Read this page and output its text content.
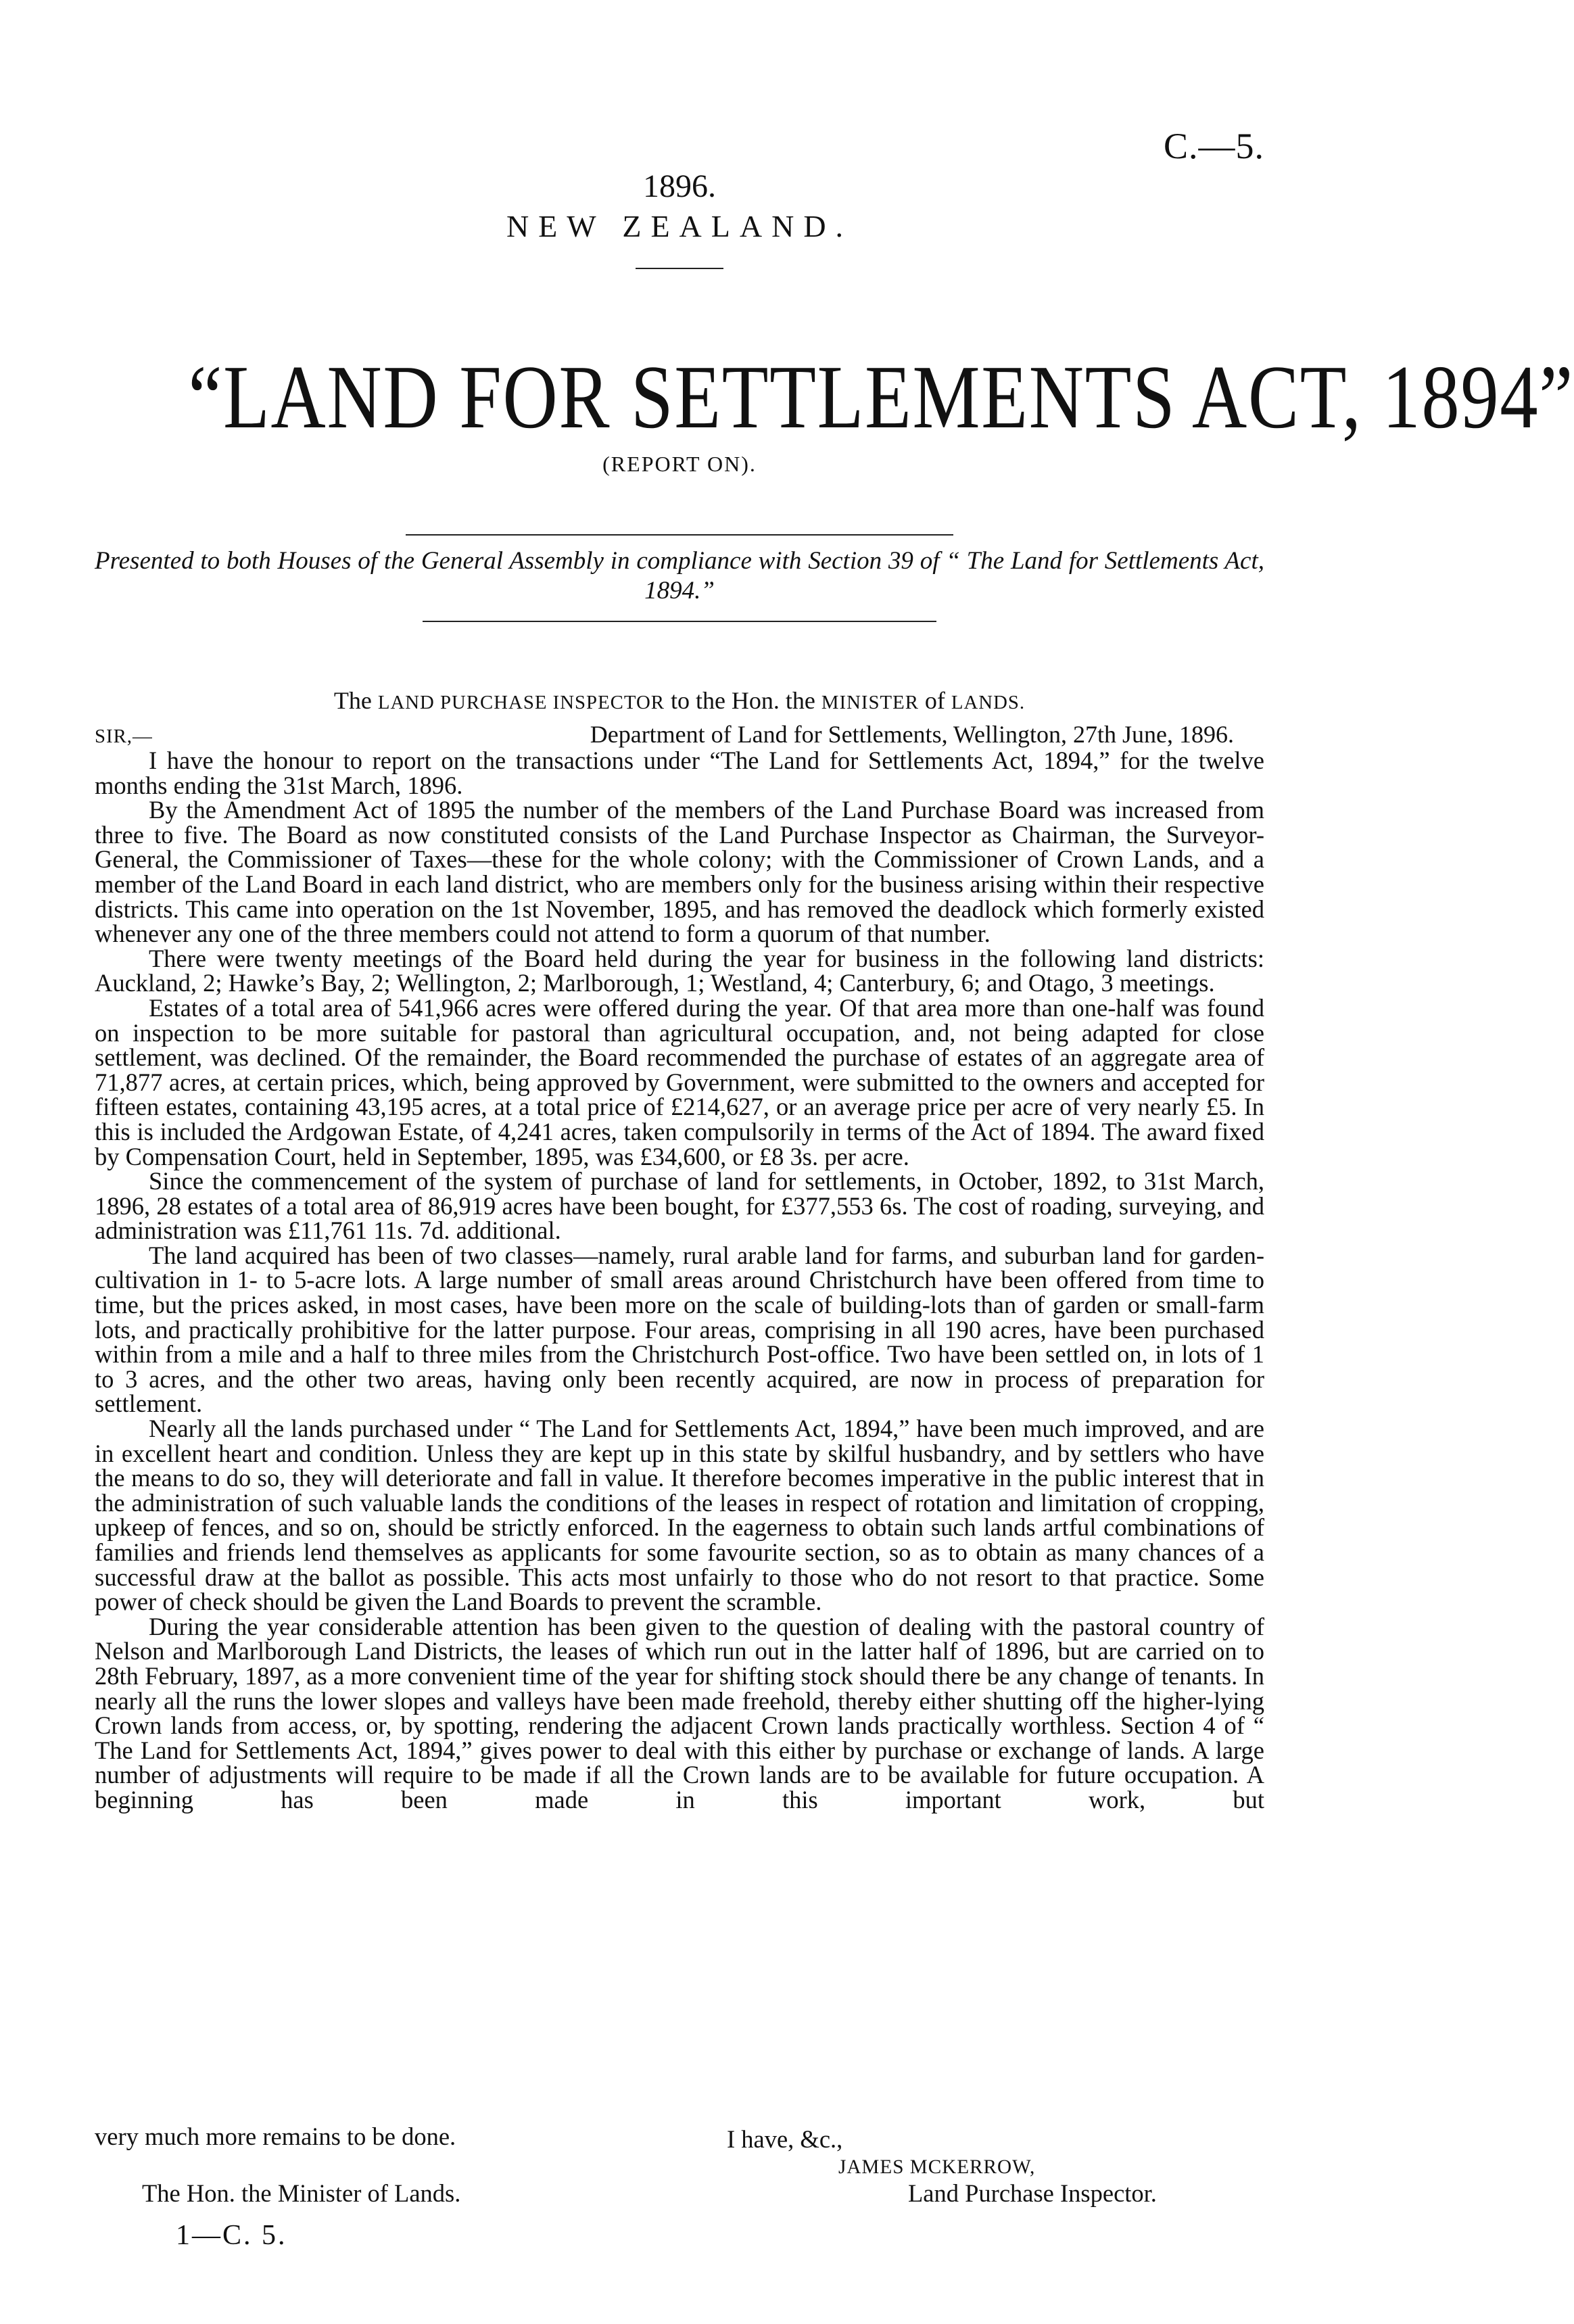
C.—5.
1896.
NEW ZEALAND.
“LAND FOR SETTLEMENTS ACT, 1894”
(REPORT ON).
Presented to both Houses of the General Assembly in compliance with Section 39 of “ The Land for Settlements Act, 1894.”
The LAND PURCHASE INSPECTOR to the Hon. the MINISTER of LANDS.
SIR,—	Department of Land for Settlements, Wellington, 27th June, 1896.

I have the honour to report on the transactions under “The Land for Settlements Act, 1894,” for the twelve months ending the 31st March, 1896.

By the Amendment Act of 1895 the number of the members of the Land Purchase Board was increased from three to five. The Board as now constituted consists of the Land Purchase Inspector as Chairman, the Surveyor-General, the Commissioner of Taxes—these for the whole colony; with the Commissioner of Crown Lands, and a member of the Land Board in each land district, who are members only for the business arising within their respective districts. This came into operation on the 1st November, 1895, and has removed the deadlock which formerly existed whenever any one of the three members could not attend to form a quorum of that number.

There were twenty meetings of the Board held during the year for business in the following land districts: Auckland, 2; Hawke’s Bay, 2; Wellington, 2; Marlborough, 1; Westland, 4; Canterbury, 6; and Otago, 3 meetings.

Estates of a total area of 541,966 acres were offered during the year. Of that area more than one-half was found on inspection to be more suitable for pastoral than agricultural occupation, and, not being adapted for close settlement, was declined. Of the remainder, the Board recommended the purchase of estates of an aggregate area of 71,877 acres, at certain prices, which, being approved by Government, were submitted to the owners and accepted for fifteen estates, containing 43,195 acres, at a total price of £214,627, or an average price per acre of very nearly £5. In this is included the Ardgowan Estate, of 4,241 acres, taken compulsorily in terms of the Act of 1894. The award fixed by Compensation Court, held in September, 1895, was £34,600, or £8 3s. per acre.

Since the commencement of the system of purchase of land for settlements, in October, 1892, to 31st March, 1896, 28 estates of a total area of 86,919 acres have been bought, for £377,553 6s. The cost of roading, surveying, and administration was £11,761 11s. 7d. additional.

The land acquired has been of two classes—namely, rural arable land for farms, and suburban land for garden-cultivation in 1- to 5-acre lots. A large number of small areas around Christchurch have been offered from time to time, but the prices asked, in most cases, have been more on the scale of building-lots than of garden or small-farm lots, and practically prohibitive for the latter purpose. Four areas, comprising in all 190 acres, have been purchased within from a mile and a half to three miles from the Christchurch Post-office. Two have been settled on, in lots of 1 to 3 acres, and the other two areas, having only been recently acquired, are now in process of preparation for settlement.

Nearly all the lands purchased under “ The Land for Settlements Act, 1894,” have been much improved, and are in excellent heart and condition. Unless they are kept up in this state by skilful husbandry, and by settlers who have the means to do so, they will deteriorate and fall in value. It therefore becomes imperative in the public interest that in the administration of such valuable lands the conditions of the leases in respect of rotation and limitation of cropping, upkeep of fences, and so on, should be strictly enforced. In the eagerness to obtain such lands artful combinations of families and friends lend themselves as applicants for some favourite section, so as to obtain as many chances of a successful draw at the ballot as possible. This acts most unfairly to those who do not resort to that practice. Some power of check should be given the Land Boards to prevent the scramble.

During the year considerable attention has been given to the question of dealing with the pastoral country of Nelson and Marlborough Land Districts, the leases of which run out in the latter half of 1896, but are carried on to 28th February, 1897, as a more convenient time of the year for shifting stock should there be any change of tenants. In nearly all the runs the lower slopes and valleys have been made freehold, thereby either shutting off the higher-lying Crown lands from access, or, by spotting, rendering the adjacent Crown lands practically worthless. Section 4 of “ The Land for Settlements Act, 1894,” gives power to deal with this either by purchase or exchange of lands. A large number of adjustments will require to be made if all the Crown lands are to be available for future occupation. A beginning has been made in this important work, but

very much more remains to be done.	I have, &c.,
JAMES MCKERROW,
The Hon. the Minister of Lands.	Land Purchase Inspector.
1—C. 5.
